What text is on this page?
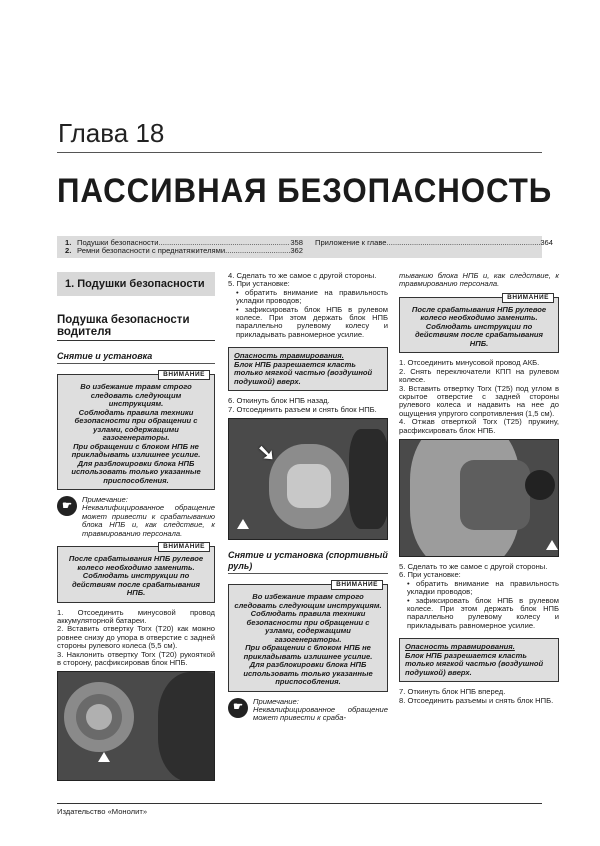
Глава 18
ПАССИВНАЯ БЕЗОПАСНОСТЬ
1. Подушки безопасности .....	358
2. Ремни безопасности с преднатяжителями .....	362
Приложение к главе .....	364
1. Подушки безопасности
Подушка безопасности водителя
Снятие и установка
ВНИМАНИЕ
Во избежание травм строго следовать следующим инструкциям.
Соблюдать правила техники безопасности при обращении с узлами, содержащими газогенераторы.
При обращении с блоком НПБ не прикладывать излишнее усилие.
Для разблокировки блока НПБ использовать только указанные приспособления.
☛
Примечание:
Неквалифицированное обращение может привести к срабатыванию блока НПБ и, как следствие, к травмированию персонала.
ВНИМАНИЕ
После срабатывания НПБ рулевое колесо необходимо заменить.
Соблюдать инструкции по действиям после срабатывания НПБ.
1. Отсоединить минусовой провод аккумуляторной батареи.
2. Вставить отвертку Torx (T20) как можно ровнее снизу до упора в отверстие с задней стороны рулевого колеса (5,5 см).
3. Наклонить отвертку Torx (T20) рукояткой в сторону, расфиксировав блок НПБ.
4. Сделать то же самое с другой стороны.
5. При установке:
• обратить внимание на правильность укладки проводов;
• зафиксировать блок НПБ в рулевом колесе. При этом держать блок НПБ параллельно рулевому колесу и прикладывать равномерное усилие.
Опасность травмирования.
Блок НПБ разрешается класть только мягкой частью (воздушной подушкой) вверх.
6. Откинуть блок НПБ назад.
7. Отсоединить разъем и снять блок НПБ.
➘
Снятие и установка (спортивный руль)
ВНИМАНИЕ
Во избежание травм строго следовать следующим инструкциям.
Соблюдать правила техники безопасности при обращении с узлами, содержащими газогенераторы.
При обращении с блоком НПБ не прикладывать излишнее усилие.
Для разблокировки блока НПБ использовать только указанные приспособления.
☛
Примечание:
Неквалифицированное обращение может привести к сраба-
тыванию блока НПБ и, как следствие, к травмированию персонала.
ВНИМАНИЕ
После срабатывания НПБ рулевое колесо необходимо заменить.
Соблюдать инструкции по действиям после срабатывания НПБ.
1. Отсоединить минусовой провод АКБ.
2. Снять переключатели КПП на рулевом колесе.
3. Вставить отвертку Torx (T25) под углом в скрытое отверстие с задней стороны рулевого колеса и надавить на нее до ощущения упругого сопротивления (1,5 см).
4. Отжав отверткой Torx (T25) пружину, расфиксировать блок НПБ.
5. Сделать то же самое с другой стороны.
6. При установке:
• обратить внимание на правильность укладки проводов;
• зафиксировать блок НПБ в рулевом колесе. При этом держать блок НПБ параллельно рулевому колесу и прикладывать равномерное усилие.
Опасность травмирования.
Блок НПБ разрешается класть только мягкой частью (воздушной подушкой) вверх.
7. Откинуть блок НПБ вперед.
8. Отсоединить разъемы и снять блок НПБ.
Издательство «Монолит»
